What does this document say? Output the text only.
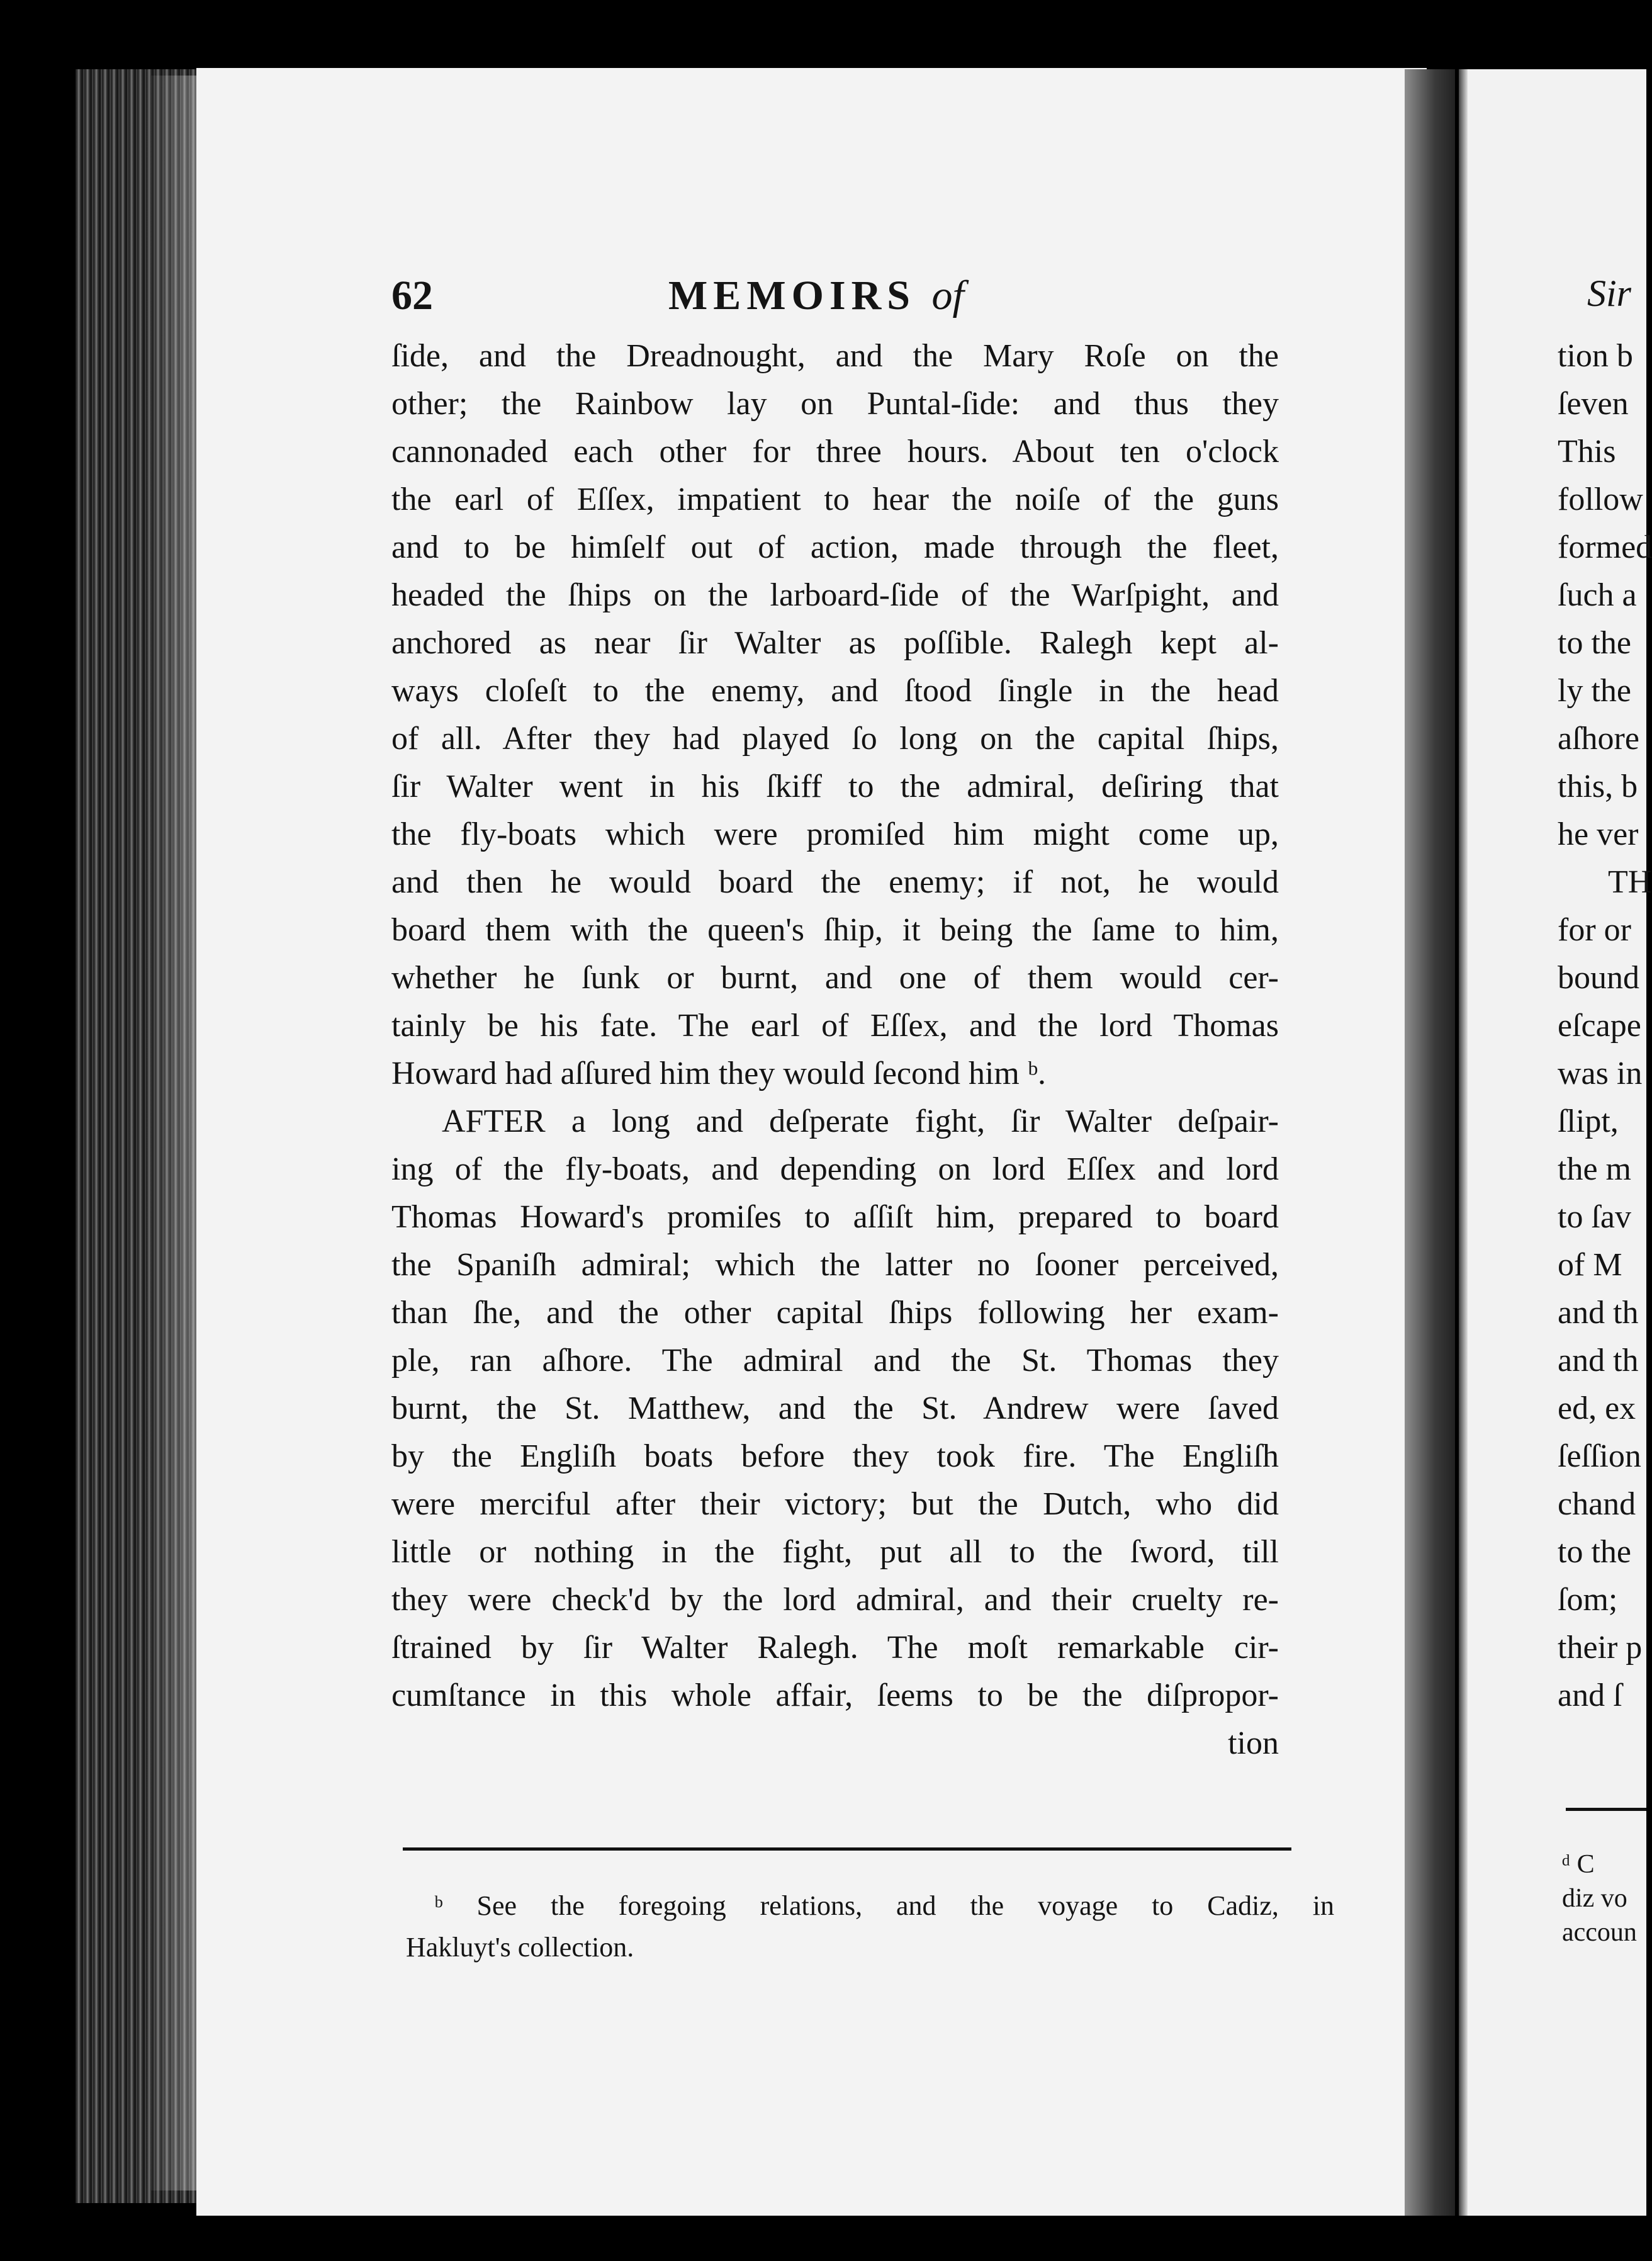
62	MEMOIRS of
ſide, and the Dreadnought, and the Mary Roſe on the
other; the Rainbow lay on Puntal-ſide: and thus they
cannonaded each other for three hours. About ten o'clock
the earl of Eſſex, impatient to hear the noiſe of the guns
and to be himſelf out of action, made through the fleet,
headed the ſhips on the larboard-ſide of the Warſpight, and
anchored as near ſir Walter as poſſible. Ralegh kept al-
ways cloſeſt to the enemy, and ſtood ſingle in the head
of all. After they had played ſo long on the capital ſhips,
ſir Walter went in his ſkiff to the admiral, deſiring that
the fly-boats which were promiſed him might come up,
and then he would board the enemy; if not, he would
board them with the queen's ſhip, it being the ſame to him,
whether he ſunk or burnt, and one of them would cer-
tainly be his fate. The earl of Eſſex, and the lord Thomas
Howard had aſſured him they would ſecond him ᵇ.
AFTER a long and deſperate fight, ſir Walter deſpair-
ing of the fly-boats, and depending on lord Eſſex and lord
Thomas Howard's promiſes to aſſiſt him, prepared to board
the Spaniſh admiral; which the latter no ſooner perceived,
than ſhe, and the other capital ſhips following her exam-
ple, ran aſhore. The admiral and the St. Thomas they
burnt, the St. Matthew, and the St. Andrew were ſaved
by the Engliſh boats before they took fire. The Engliſh
were merciful after their victory; but the Dutch, who did
little or nothing in the fight, put all to the ſword, till
they were check'd by the lord admiral, and their cruelty re-
ſtrained by ſir Walter Ralegh. The moſt remarkable cir-
cumſtance in this whole affair, ſeems to be the diſpropor-
tion
ᵇ See the foregoing relations, and the voyage to Cadiz, in
Hakluyt's collection.
Sir
tion b
ſeven
This
follow
formed
ſuch a
to the
ly the
aſhore
this, b
he ver
TH
for or
bound
eſcape
was in
ſlipt,
the m
to ſav
of M
and th
and th
ed, ex
ſeſſion
chand
to the
ſom;
their p
and ſ
ᵈ C
diz vo
accoun
